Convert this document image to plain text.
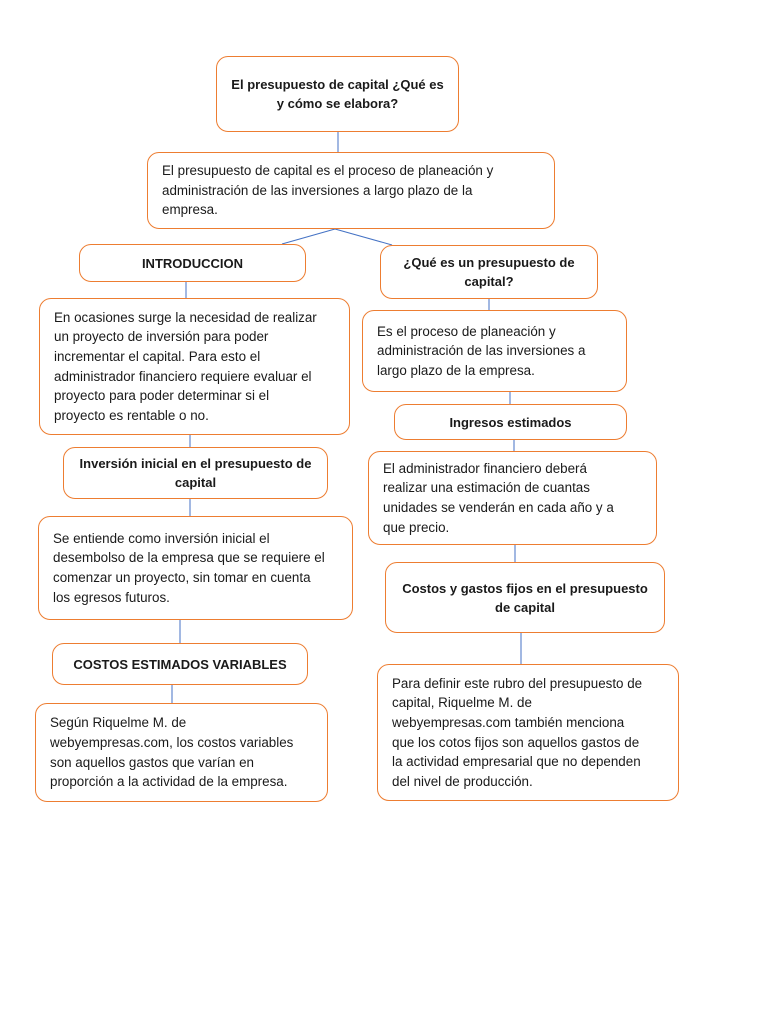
El presupuesto de capital ¿Qué es
y cómo se elabora?
El presupuesto de capital es el proceso de planeación y
administración de las inversiones a largo plazo de la
empresa.
INTRODUCCION
En ocasiones surge la necesidad de realizar
un proyecto de inversión para poder
incrementar el capital. Para esto el
administrador financiero requiere evaluar el
proyecto para poder determinar si el
proyecto es rentable o no.
Inversión inicial en el presupuesto de
capital
Se entiende como inversión inicial el
desembolso de la empresa que se requiere el
comenzar un proyecto, sin tomar en cuenta
los egresos futuros.
COSTOS ESTIMADOS VARIABLES
Según Riquelme M. de
webyempresas.com, los costos variables
son aquellos gastos que varían en
proporción a la actividad de la empresa.
¿Qué es un presupuesto de
capital?
Es el proceso de planeación y
administración de las inversiones a
largo plazo de la empresa.
Ingresos estimados
El administrador financiero deberá
realizar una estimación de cuantas
unidades se venderán en cada año y a
que precio.
Costos y gastos fijos en el presupuesto
de capital
Para definir este rubro del presupuesto de
capital, Riquelme M. de
webyempresas.com también menciona
que los cotos fijos son aquellos gastos de
la actividad empresarial que no dependen
del nivel de producción.
